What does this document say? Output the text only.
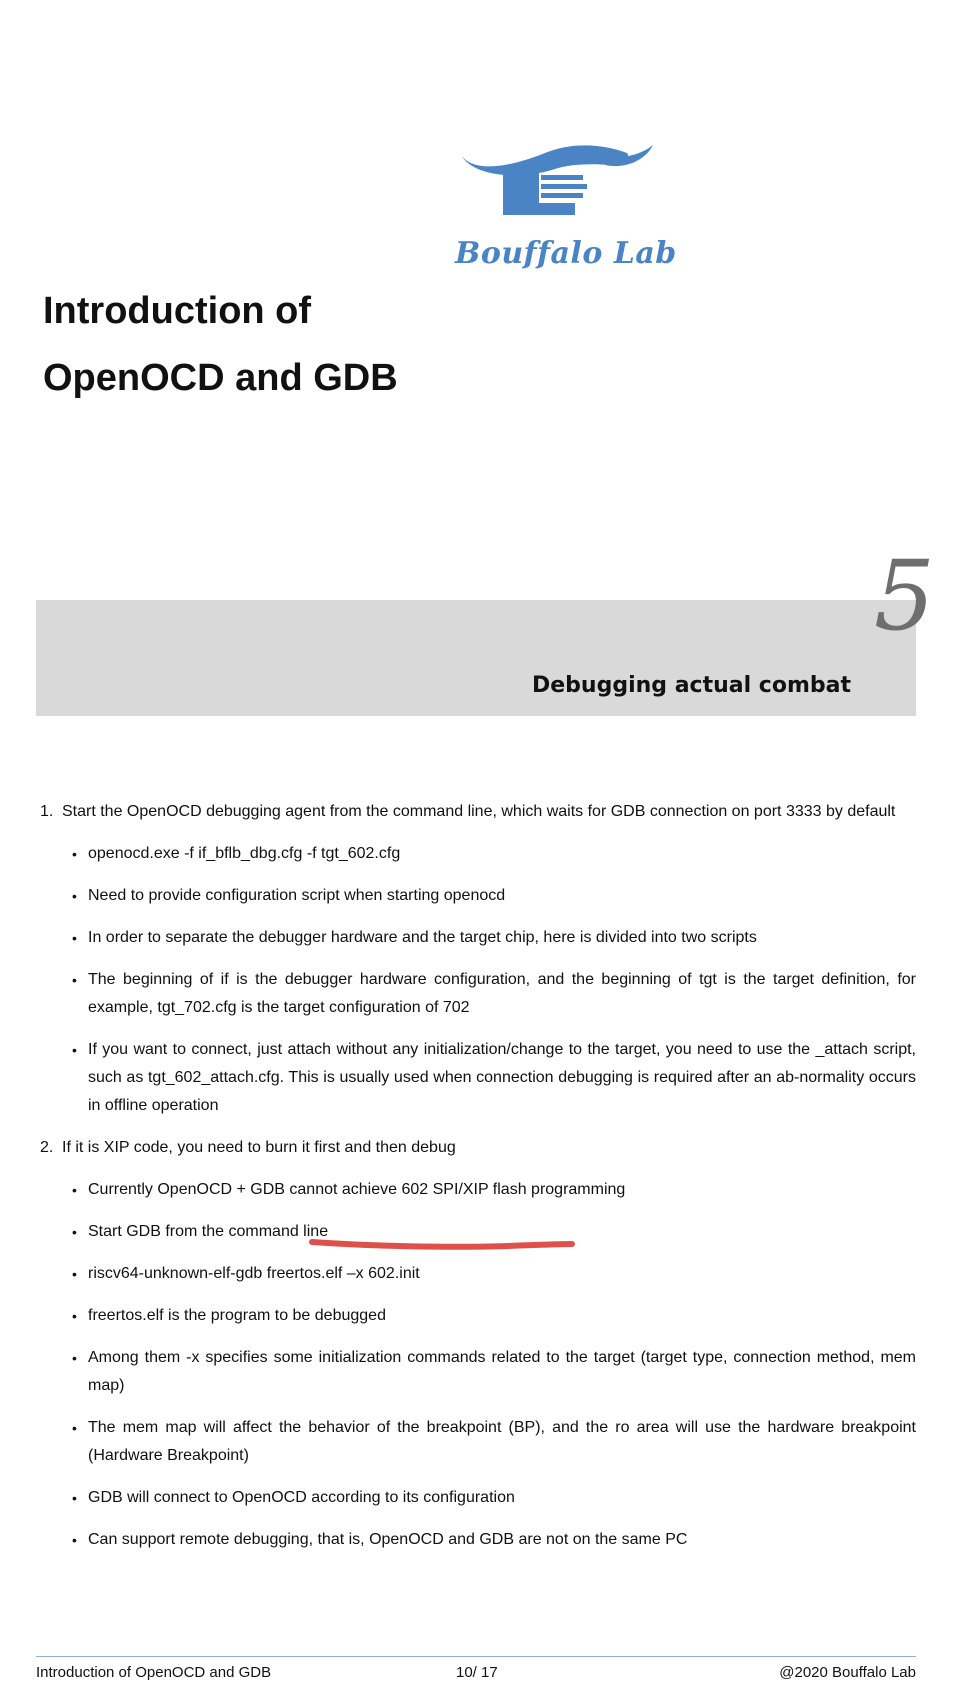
Bouffalo Lab
Introduction of
OpenOCD and GDB
5
Debugging actual combat
1. Start the OpenOCD debugging agent from the command line, which waits for GDB connection on port 3333 by default
• openocd.exe -f if_bflb_dbg.cfg -f tgt_602.cfg
• Need to provide configuration script when starting openocd
• In order to separate the debugger hardware and the target chip, here is divided into two scripts
• The beginning of if is the debugger hardware configuration, and the beginning of tgt is the target definition, for example, tgt_702.cfg is the target configuration of 702
• If you want to connect, just attach without any initialization/change to the target, you need to use the _attach script, such as tgt_602_attach.cfg. This is usually used when connection debugging is required after an ab-normality occurs in offline operation
2. If it is XIP code, you need to burn it first and then debug
• Currently OpenOCD + GDB cannot achieve 602 SPI/XIP flash programming
• Start GDB from the command line
• riscv64-unknown-elf-gdb freertos.elf –x 602.init
• freertos.elf is the program to be debugged
• Among them -x specifies some initialization commands related to the target (target type, connection method, mem map)
• The mem map will affect the behavior of the breakpoint (BP), and the ro area will use the hardware breakpoint (Hardware Breakpoint)
• GDB will connect to OpenOCD according to its configuration
• Can support remote debugging, that is, OpenOCD and GDB are not on the same PC
Introduction of OpenOCD and GDB	10/ 17	@2020 Bouffalo Lab
